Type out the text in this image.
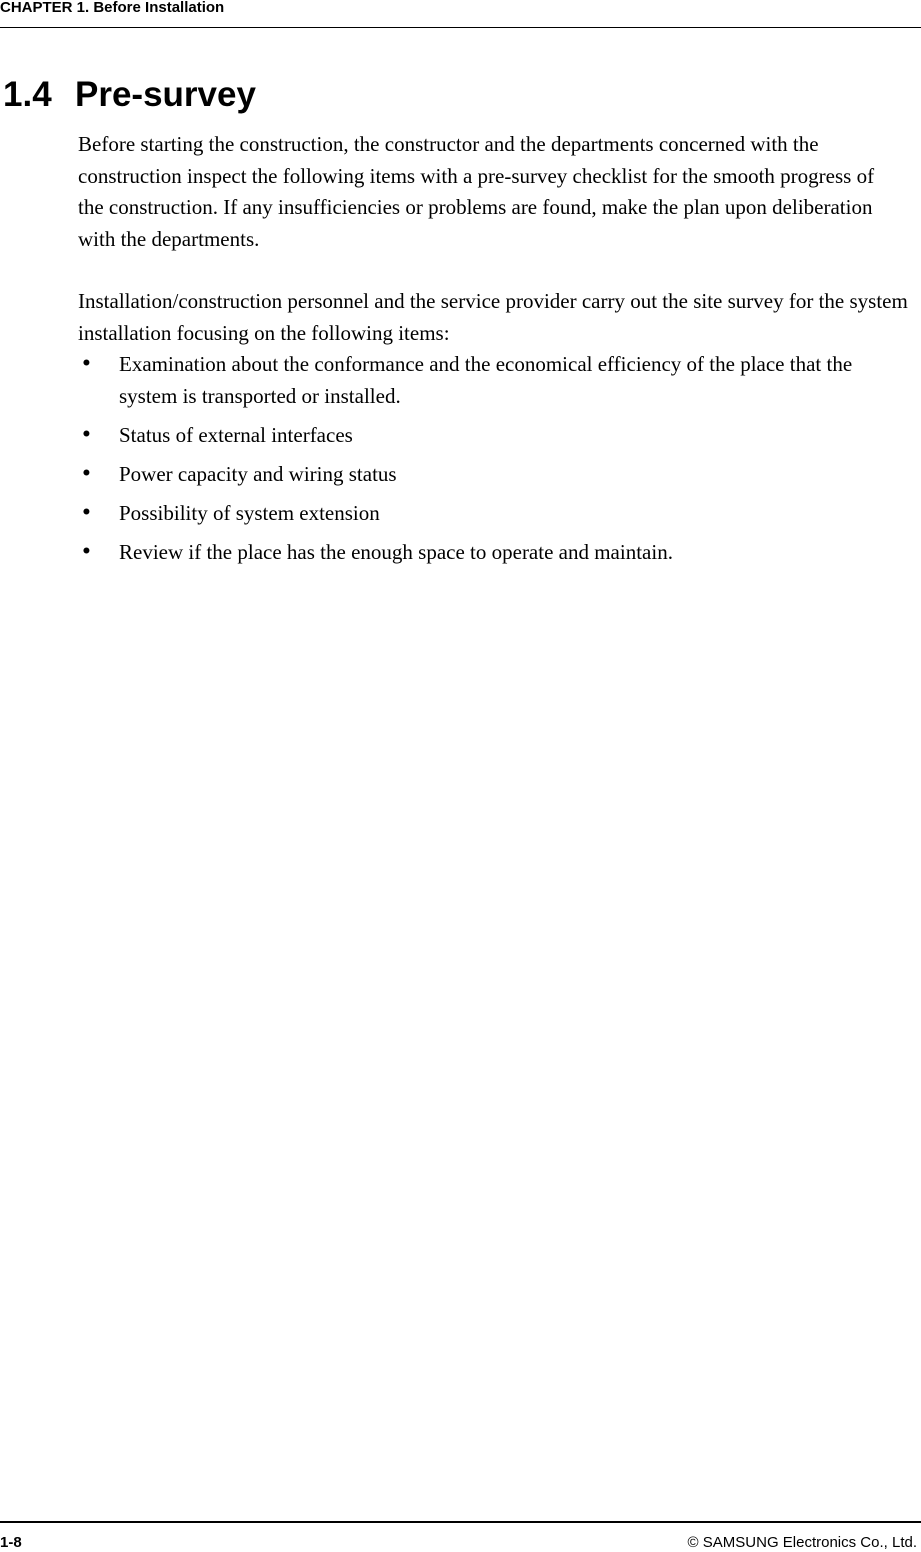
CHAPTER 1. Before Installation
1.4 Pre-survey

Before starting the construction, the constructor and the departments concerned with the construction inspect the following items with a pre-survey checklist for the smooth progress of the construction. If any insufficiencies or problems are found, make the plan upon deliberation with the departments.

Installation/construction personnel and the service provider carry out the site survey for the system installation focusing on the following items:

• Examination about the conformance and the economical efficiency of the place that the system is transported or installed.
• Status of external interfaces
• Power capacity and wiring status
• Possibility of system extension
• Review if the place has the enough space to operate and maintain.
1-8	© SAMSUNG Electronics Co., Ltd.
